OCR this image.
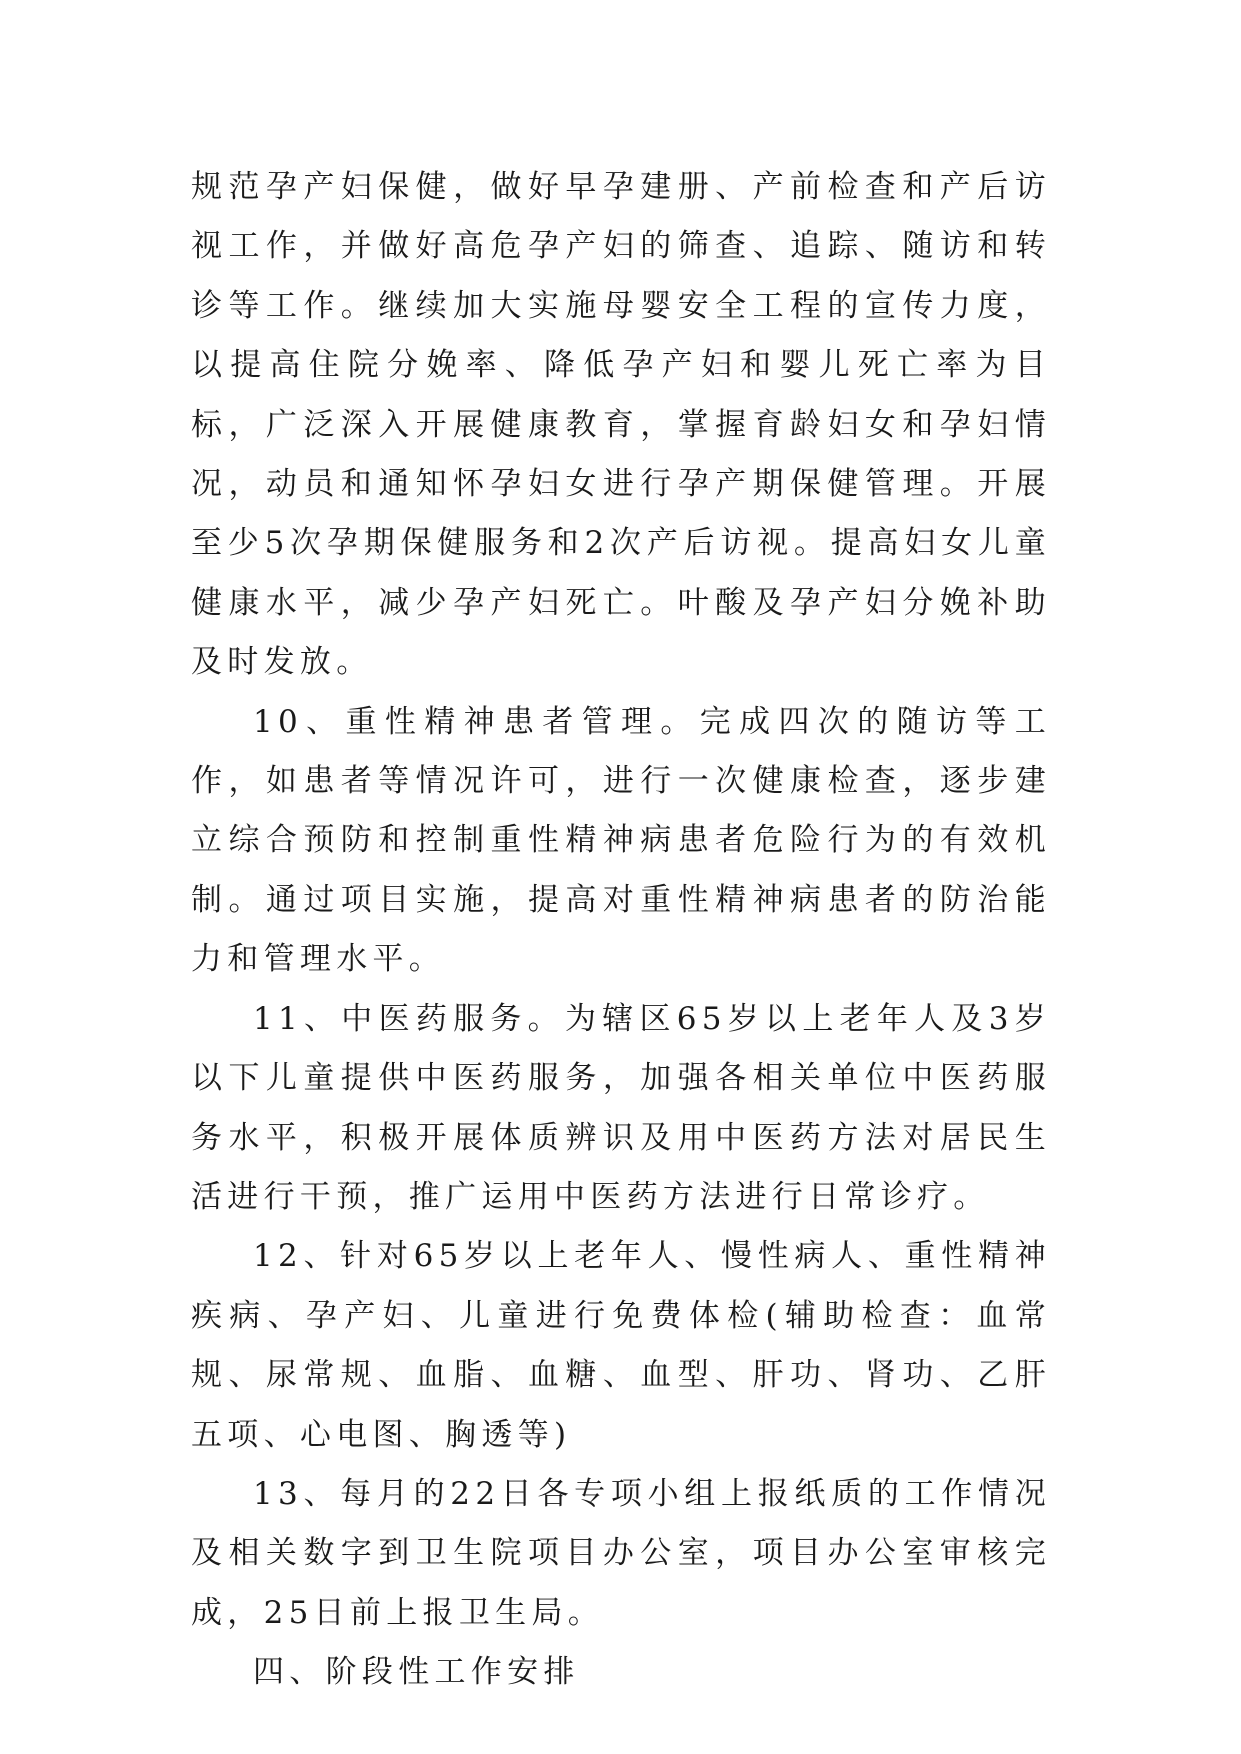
规范孕产妇保健，做好早孕建册、产前检查和产后访视工作，并做好高危孕产妇的筛查、追踪、随访和转诊等工作。继续加大实施母婴安全工程的宣传力度，以提高住院分娩率、降低孕产妇和婴儿死亡率为目标，广泛深入开展健康教育，掌握育龄妇女和孕妇情况，动员和通知怀孕妇女进行孕产期保健管理。开展至少5次孕期保健服务和2次产后访视。提高妇女儿童健康水平，减少孕产妇死亡。叶酸及孕产妇分娩补助及时发放。

10、重性精神患者管理。完成四次的随访等工作，如患者等情况许可，进行一次健康检查，逐步建立综合预防和控制重性精神病患者危险行为的有效机制。通过项目实施，提高对重性精神病患者的防治能力和管理水平。

11、中医药服务。为辖区65岁以上老年人及3岁以下儿童提供中医药服务，加强各相关单位中医药服务水平，积极开展体质辨识及用中医药方法对居民生活进行干预，推广运用中医药方法进行日常诊疗。

12、针对65岁以上老年人、慢性病人、重性精神疾病、孕产妇、儿童进行免费体检(辅助检查：血常规、尿常规、血脂、血糖、血型、肝功、肾功、乙肝五项、心电图、胸透等)

13、每月的22日各专项小组上报纸质的工作情况及相关数字到卫生院项目办公室，项目办公室审核完成，25日前上报卫生局。

四、阶段性工作安排
